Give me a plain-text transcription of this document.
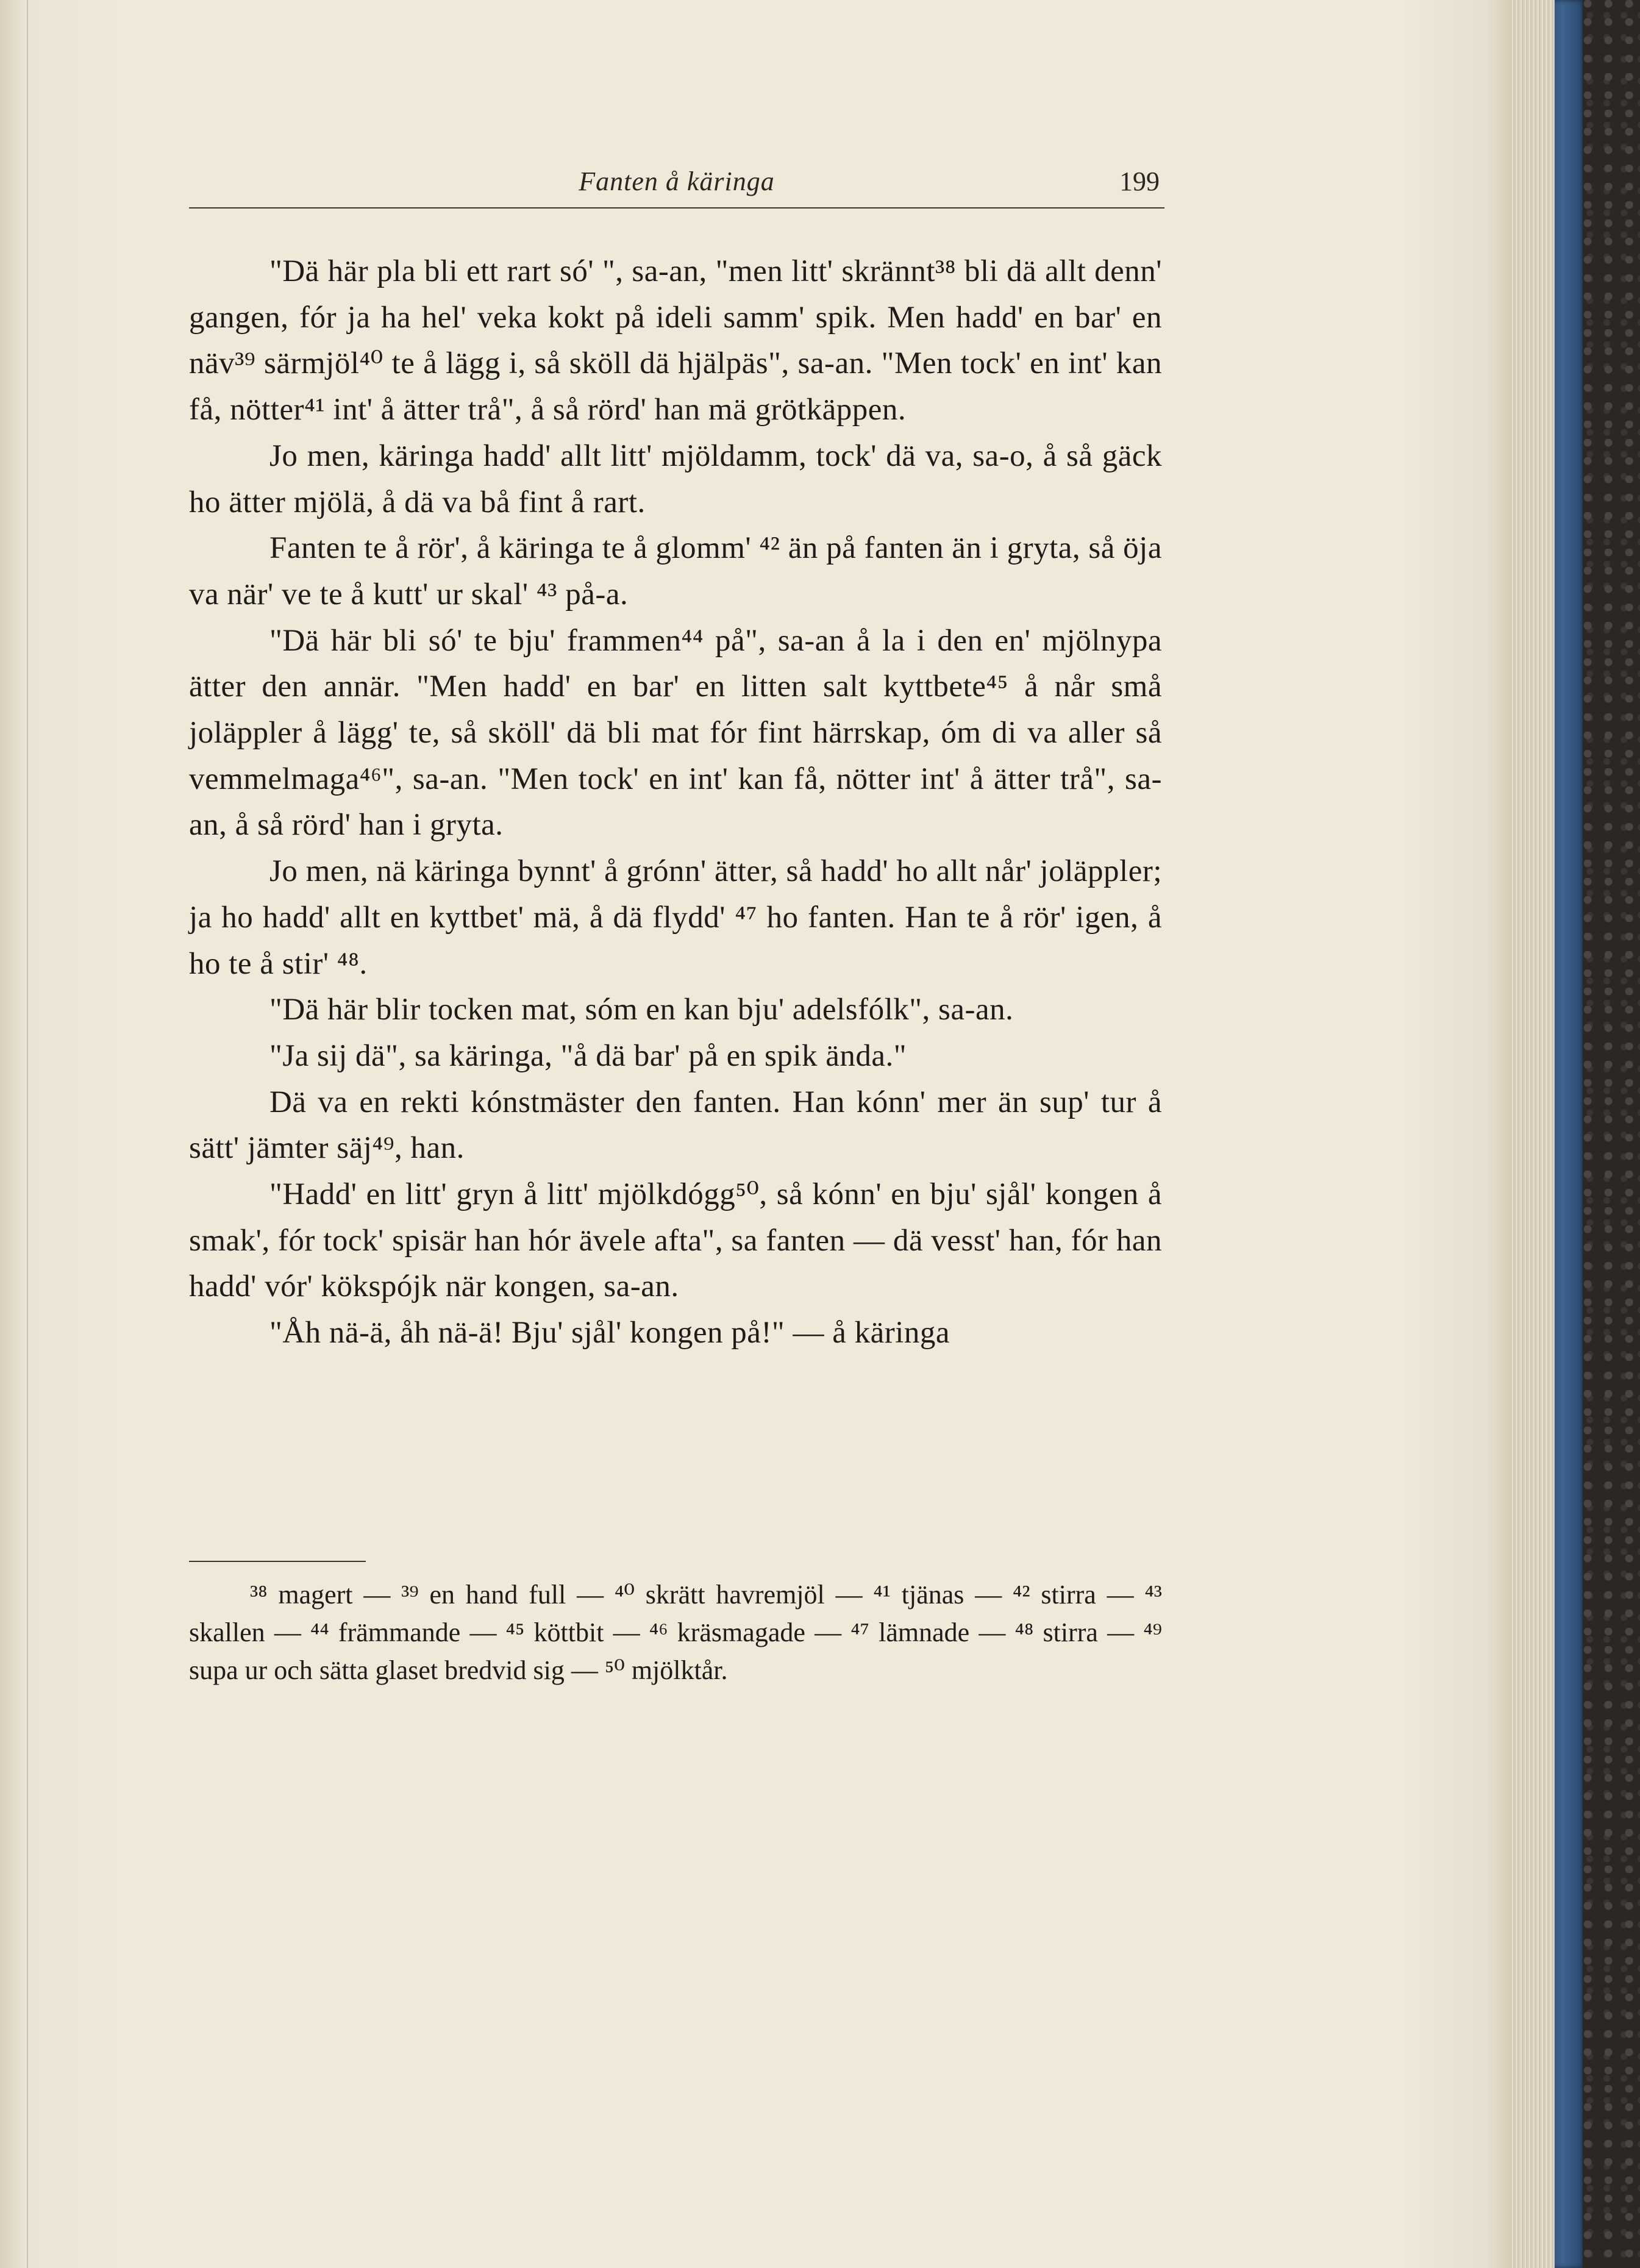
Fanten å käringa	199

"Dä här pla bli ett rart só' ", sa-an, "men litt' skrännt³⁸ bli dä allt denn' gangen, fór ja ha hel' veka kokt på ideli samm' spik. Men hadd' en bar' en näv³⁹ särmjöl⁴⁰ te å lägg i, så sköll dä hjälpäs", sa-an. "Men tock' en int' kan få, nötter⁴¹ int' å ätter trå", å så rörd' han mä grötkäppen.

Jo men, käringa hadd' allt litt' mjöldamm, tock' dä va, sa-o, å så gäck ho ätter mjölä, å dä va bå fint å rart.

Fanten te å rör', å käringa te å glomm' ⁴² än på fanten än i gryta, så öja va när' ve te å kutt' ur skal' ⁴³ på-a.

"Dä här bli só' te bju' frammen⁴⁴ på", sa-an å la i den en' mjölnypa ätter den annär. "Men hadd' en bar' en litten salt kyttbete⁴⁵ å når små joläppler å lägg' te, så sköll' dä bli mat fór fint härrskap, óm di va aller så vemmelmaga⁴⁶", sa-an. "Men tock' en int' kan få, nötter int' å ätter trå", sa-an, å så rörd' han i gryta.

Jo men, nä käringa bynnt' å grónn' ätter, så hadd' ho allt når' joläppler; ja ho hadd' allt en kyttbet' mä, å dä flydd' ⁴⁷ ho fanten. Han te å rör' igen, å ho te å stir' ⁴⁸.

"Dä här blir tocken mat, sóm en kan bju' adelsfólk", sa-an.

"Ja sij dä", sa käringa, "å dä bar' på en spik ända."

Dä va en rekti kónstmäster den fanten. Han kónn' mer än sup' tur å sätt' jämter säj⁴⁹, han.

"Hadd' en litt' gryn å litt' mjölkdógg⁵⁰, så kónn' en bju' sjål' kongen å smak', fór tock' spisär han hór ävele afta", sa fanten — dä vesst' han, fór han hadd' vór' kökspójk när kongen, sa-an.

"Åh nä-ä, åh nä-ä! Bju' sjål' kongen på!" — å käringa

³⁸ magert — ³⁹ en hand full — ⁴⁰ skrätt havremjöl — ⁴¹ tjänas — ⁴² stirra — ⁴³ skallen — ⁴⁴ främmande — ⁴⁵ köttbit — ⁴⁶ kräsmagade — ⁴⁷ lämnade — ⁴⁸ stirra — ⁴⁹ supa ur och sätta glaset bredvid sig — ⁵⁰ mjölktår.
